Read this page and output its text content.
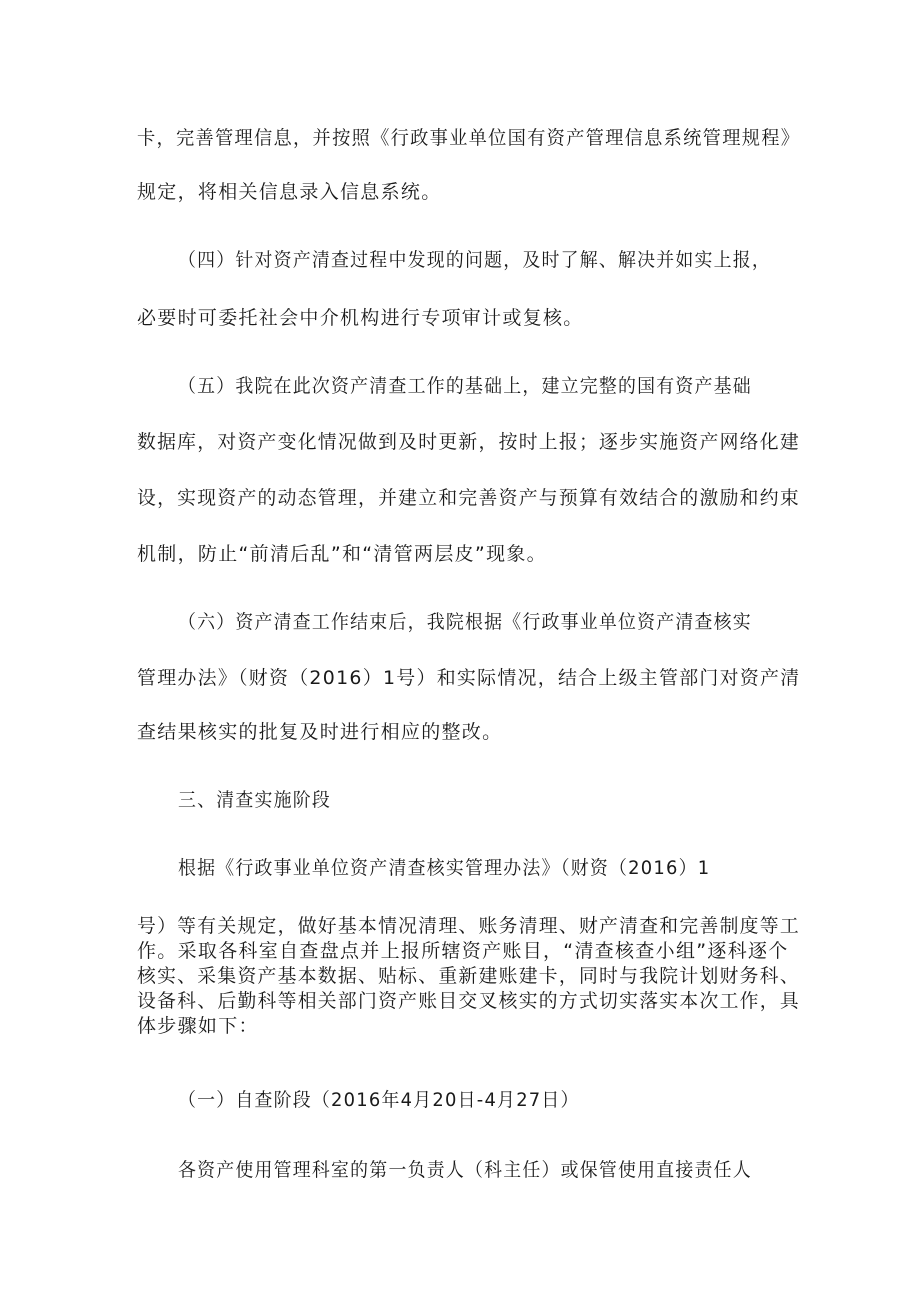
卡，完善管理信息，并按照《行政事业单位国有资产管理信息系统管理规程》
规定，将相关信息录入信息系统。
（四）针对资产清查过程中发现的问题，及时了解、解决并如实上报，
必要时可委托社会中介机构进行专项审计或复核。
（五）我院在此次资产清查工作的基础上，建立完整的国有资产基础
数据库，对资产变化情况做到及时更新，按时上报；逐步实施资产网络化建
设，实现资产的动态管理，并建立和完善资产与预算有效结合的激励和约束
机制，防止“前清后乱”和“清管两层皮”现象。
（六）资产清查工作结束后，我院根据《行政事业单位资产清查核实
管理办法》（财资（2016）1号）和实际情况，结合上级主管部门对资产清
查结果核实的批复及时进行相应的整改。
三、清查实施阶段
根据《行政事业单位资产清查核实管理办法》（财资（2016）1
号）等有关规定，做好基本情况清理、账务清理、财产清查和完善制度等工
作。采取各科室自查盘点并上报所辖资产账目，“清查核查小组”逐科逐个
核实、采集资产基本数据、贴标、重新建账建卡，同时与我院计划财务科、
设备科、后勤科等相关部门资产账目交叉核实的方式切实落实本次工作，具
体步骤如下：
（一）自查阶段（2016年4月20日-4月27日）
各资产使用管理科室的第一负责人（科主任）或保管使用直接责任人
